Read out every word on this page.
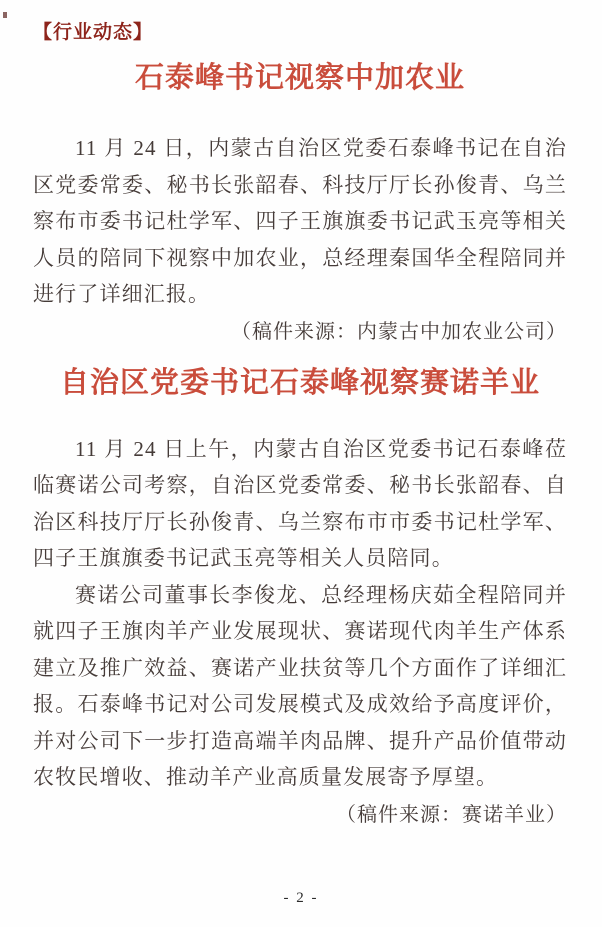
【行业动态】
石泰峰书记视察中加农业

11 月 24 日，内蒙古自治区党委石泰峰书记在自治区党委常委、秘书长张韶春、科技厅厅长孙俊青、乌兰察布市委书记杜学军、四子王旗旗委书记武玉亮等相关人员的陪同下视察中加农业，总经理秦国华全程陪同并进行了详细汇报。

（稿件来源：内蒙古中加农业公司）

自治区党委书记石泰峰视察赛诺羊业

11 月 24 日上午，内蒙古自治区党委书记石泰峰莅临赛诺公司考察，自治区党委常委、秘书长张韶春、自治区科技厅厅长孙俊青、乌兰察布市市委书记杜学军、四子王旗旗委书记武玉亮等相关人员陪同。

赛诺公司董事长李俊龙、总经理杨庆茹全程陪同并就四子王旗肉羊产业发展现状、赛诺现代肉羊生产体系建立及推广效益、赛诺产业扶贫等几个方面作了详细汇报。石泰峰书记对公司发展模式及成效给予高度评价，并对公司下一步打造高端羊肉品牌、提升产品价值带动农牧民增收、推动羊产业高质量发展寄予厚望。

（稿件来源：赛诺羊业）

- 2 -
